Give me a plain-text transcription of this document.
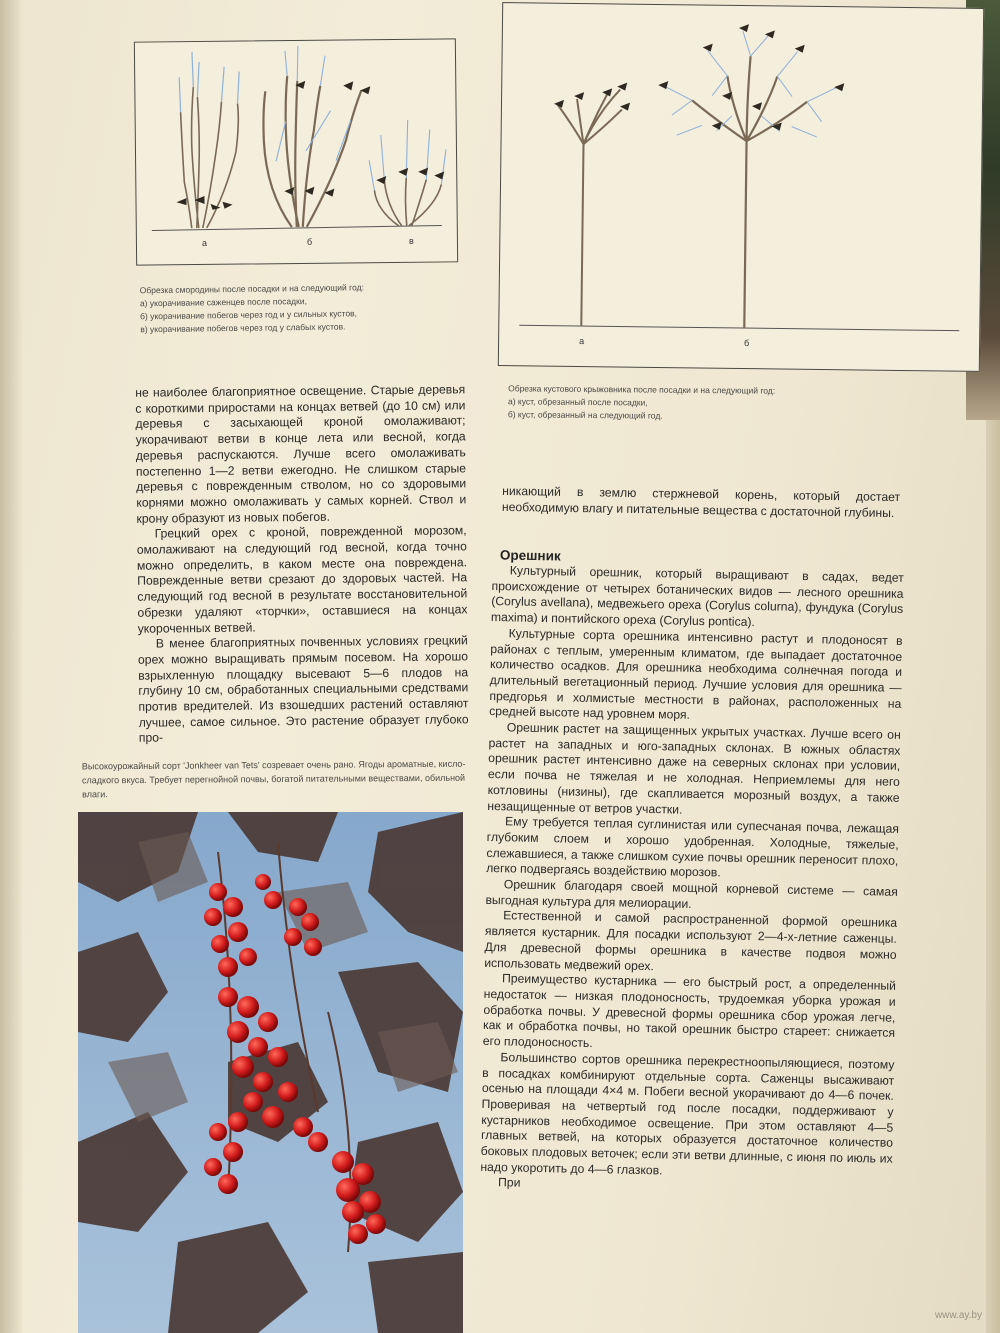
а	б	в
Обрезка смородины после посадки и на следующий год:
а) укорачивание саженцев после посадки,
б) укорачивание побегов через год и у сильных кустов,
в) укорачивание побегов через год у слабых кустов.
а	б
Обрезка кустового крыжовника после посадки и на следующий год:
а) куст, обрезанный после посадки,
б) куст, обрезанный на следующий год.

не наиболее благоприятное освещение. Старые деревья с короткими приростами на концах ветвей (до 10 см) или деревья с засыхающей кроной омолаживают; укорачивают ветви в конце лета или весной, когда деревья распускаются. Лучше всего омолаживать постепенно 1—2 ветви ежегодно. Не слишком старые деревья с поврежденным стволом, но со здоровыми корнями можно омолаживать у самых корней. Ствол и крону образуют из новых побегов.

Грецкий орех с кроной, поврежденной морозом, омолаживают на следующий год весной, когда точно можно определить, в каком месте она повреждена. Поврежденные ветви срезают до здоровых частей. На следующий год весной в результате восстановительной обрезки удаляют «торчки», оставшиеся на концах укороченных ветвей.

В менее благоприятных почвенных условиях грецкий орех можно выращивать прямым посевом. На хорошо взрыхленную площадку высевают 5—6 плодов на глубину 10 см, обработанных специальными средствами против вредителей. Из взошедших растений оставляют лучшее, самое сильное. Это растение образует глубоко про-

Высокоурожайный сорт 'Jonkheer van Tets' созревает очень рано. Ягоды ароматные, кисло-сладкого вкуса. Требует перегнойной почвы, богатой питательными веществами, обильной влаги.
никающий в землю стержневой корень, который достает необходимую влагу и питательные вещества с достаточной глубины.
Орешник

Культурный орешник, который выращивают в садах, ведет происхождение от четырех ботанических видов — лесного орешника (Corylus avellana), медвежьего ореха (Corylus colurna), фундука (Corylus maxima) и понтийского ореха (Corylus pontica).

Культурные сорта орешника интенсивно растут и плодоносят в районах с теплым, умеренным климатом, где выпадает достаточное количество осадков. Для орешника необходима солнечная погода и длительный вегетационный период. Лучшие условия для орешника — предгорья и холмистые местности в районах, расположенных на средней высоте над уровнем моря.

Орешник растет на защищенных укрытых участках. Лучше всего он растет на западных и юго-западных склонах. В южных областях орешник растет интенсивно даже на северных склонах при условии, если почва не тяжелая и не холодная. Неприемлемы для него котловины (низины), где скапливается морозный воздух, а также незащищенные от ветров участки.

Ему требуется теплая суглинистая или супесчаная почва, лежащая глубоким слоем и хорошо удобренная. Холодные, тяжелые, слежавшиеся, а также слишком сухие почвы орешник переносит плохо, легко подвергаясь воздействию морозов.

Орешник благодаря своей мощной корневой системе — самая выгодная культура для мелиорации.

Естественной и самой распространенной формой орешника является кустарник. Для посадки используют 2—4-х-летние саженцы. Для древесной формы орешника в качестве подвоя можно использовать медвежий орех.

Преимущество кустарника — его быстрый рост, а определенный недостаток — низкая плодоносность, трудоемкая уборка урожая и обработка почвы. У древесной формы орешника сбор урожая легче, как и обработка почвы, но такой орешник быстро стареет: снижается его плодоносность.

Большинство сортов орешника перекрестноопыляющиеся, поэтому в посадках комбинируют отдельные сорта. Саженцы высаживают осенью на площади 4×4 м. Побеги весной укорачивают до 4—6 почек. Проверивая на четвертый год после посадки, поддерживают у кустарников необходимое освещение. При этом оставляют 4—5 главных ветвей, на которых образуется достаточное количество боковых плодовых веточек; если эти ветви длинные, с июня по июль их надо укоротить до 4—6 глазков.

При

www.ay.by
